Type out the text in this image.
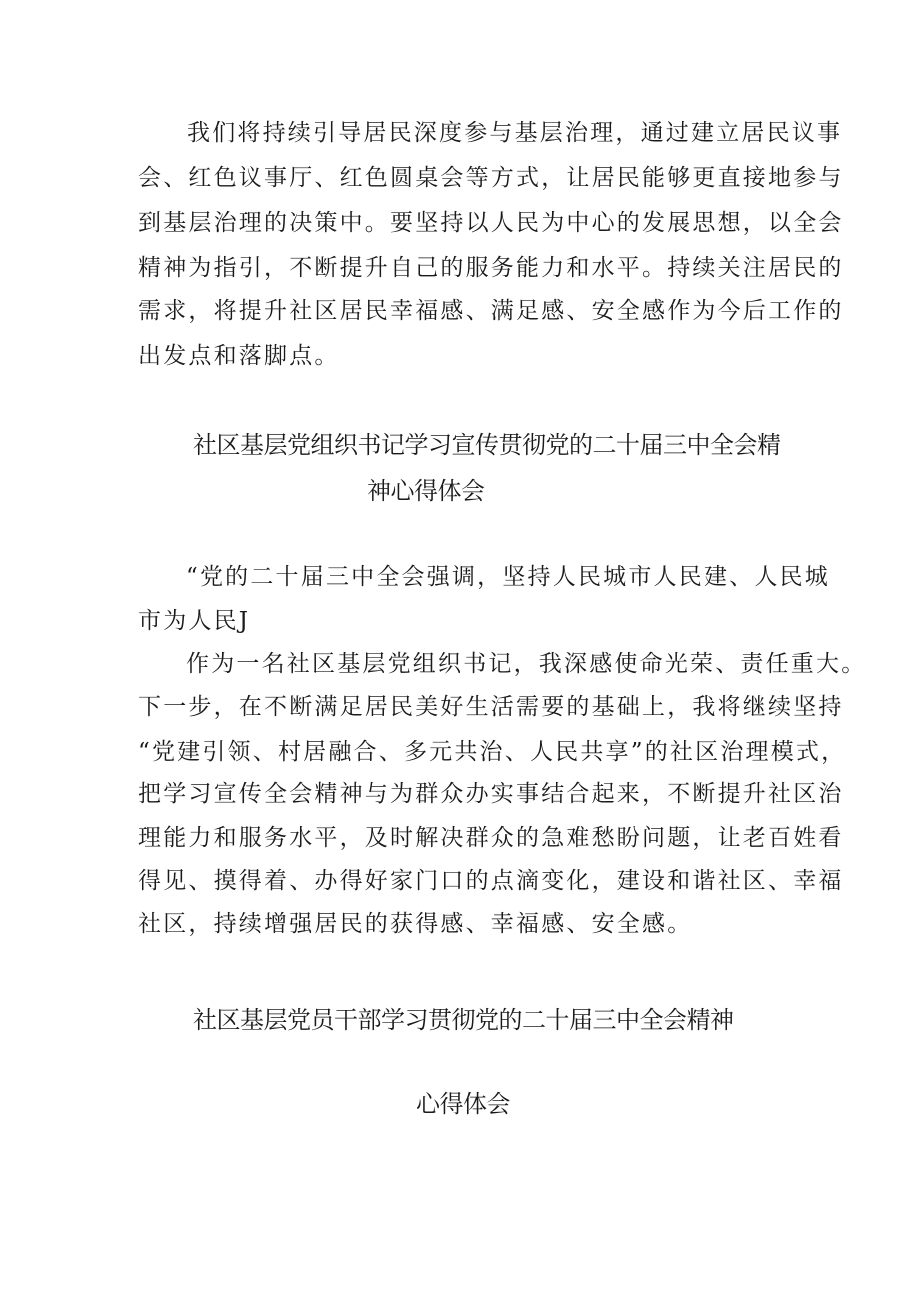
我们将持续引导居民深度参与基层治理，通过建立居民议事
会、红色议事厅、红色圆桌会等方式，让居民能够更直接地参与
到基层治理的决策中。要坚持以人民为中心的发展思想，以全会
精神为指引，不断提升自己的服务能力和水平。持续关注居民的
需求，将提升社区居民幸福感、满足感、安全感作为今后工作的
出发点和落脚点。
社区基层党组织书记学习宣传贯彻党的二十届三中全会精
神心得体会
“党的二十届三中全会强调，坚持人民城市人民建、人民城
市为人民J
作为一名社区基层党组织书记，我深感使命光荣、责任重大。
下一步，在不断满足居民美好生活需要的基础上，我将继续坚持
“党建引领、村居融合、多元共治、人民共享”的社区治理模式，
把学习宣传全会精神与为群众办实事结合起来，不断提升社区治
理能力和服务水平，及时解决群众的急难愁盼问题，让老百姓看
得见、摸得着、办得好家门口的点滴变化，建设和谐社区、幸福
社区，持续增强居民的获得感、幸福感、安全感。
社区基层党员干部学习贯彻党的二十届三中全会精神
心得体会
